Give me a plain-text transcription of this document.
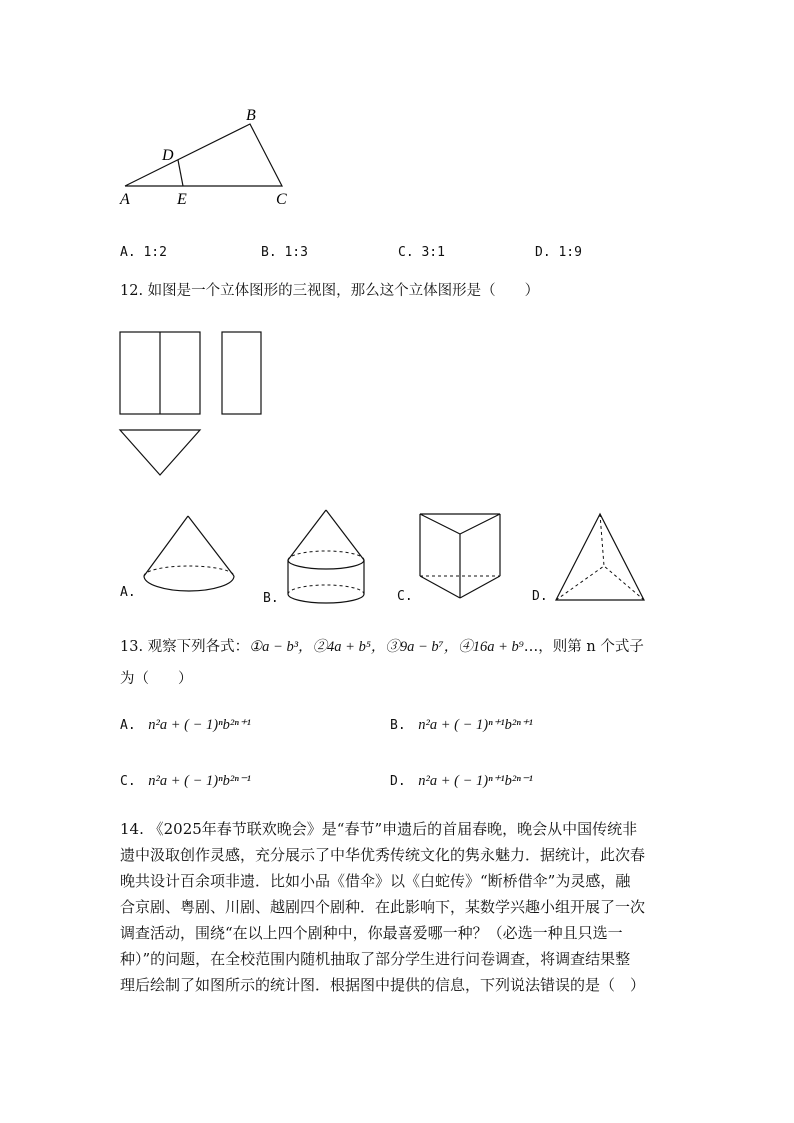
B
D
A	E	C
A. 1:2	B. 1:3	C. 3:1	D. 1:9
12. 如图是一个立体图形的三视图，那么这个立体图形是（　　）
A.	B.	C.	D.
13. 观察下列各式：①a − b³，②4a + b⁵，③9a − b⁷，④16a + b⁹…，则第 n 个式子
为（　　）
A. n²a + ( − 1)ⁿb²ⁿ⁺¹	B. n²a + ( − 1)ⁿ⁺¹b²ⁿ⁺¹
C. n²a + ( − 1)ⁿb²ⁿ⁻¹	D. n²a + ( − 1)ⁿ⁺¹b²ⁿ⁻¹
14. 《2025年春节联欢晚会》是“春节”申遗后的首届春晚，晚会从中国传统非
遗中汲取创作灵感，充分展示了中华优秀传统文化的隽永魅力．据统计，此次春
晚共设计百余项非遗．比如小品《借伞》以《白蛇传》“断桥借伞”为灵感，融
合京剧、粤剧、川剧、越剧四个剧种．在此影响下，某数学兴趣小组开展了一次
调查活动，围绕“在以上四个剧种中，你最喜爱哪一种？（必选一种且只选一
种）”的问题，在全校范围内随机抽取了部分学生进行问卷调查，将调查结果整
理后绘制了如图所示的统计图．根据图中提供的信息，下列说法错误的是（　）
